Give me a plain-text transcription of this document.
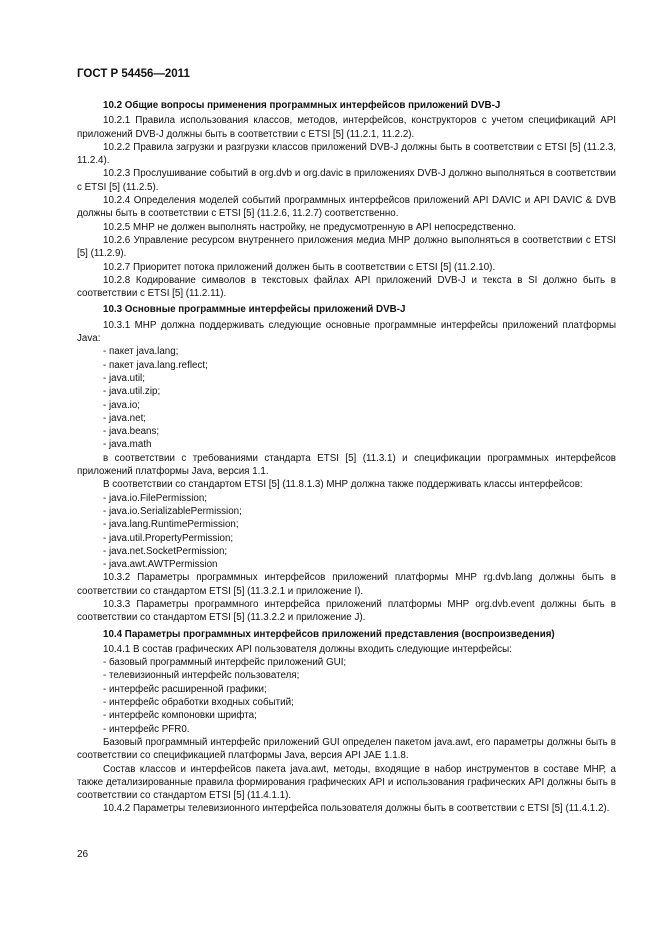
ГОСТ Р 54456—2011

10.2 Общие вопросы применения программных интерфейсов приложений DVB-J

10.2.1 Правила использования классов, методов, интерфейсов, конструкторов с учетом спецификаций API приложений DVB-J должны быть в соответствии с ETSI [5] (11.2.1, 11.2.2).

10.2.2 Правила загрузки и разгрузки классов приложений DVB-J должны быть в соответствии с ETSI [5] (11.2.3, 11.2.4).

10.2.3 Прослушивание событий в org.dvb и org.davic в приложениях DVB-J должно выполняться в соответствии с ETSI [5] (11.2.5).

10.2.4 Определения моделей событий программных интерфейсов приложений API DAVIC и API DAVIC & DVB должны быть в соответствии с ETSI [5] (11.2.6, 11.2.7) соответственно.

10.2.5 МНР не должен выполнять настройку, не предусмотренную в API непосредственно.

10.2.6 Управление ресурсом внутреннего приложения медиа МНР должно выполняться в соответствии с ETSI [5] (11.2.9).

10.2.7 Приоритет потока приложений должен быть в соответствии с ETSI [5] (11.2.10).

10.2.8 Кодирование символов в текстовых файлах API приложений DVB-J и текста в SI должно быть в соответствии с ETSI [5] (11.2.11).

10.3 Основные программные интерфейсы приложений DVB-J

10.3.1 МНР должна поддерживать следующие основные программные интерфейсы приложений платформы Java:

- пакет java.lang;

- пакет java.lang.reflect;

- java.util;

- java.util.zip;

- java.io;

- java.net;

- java.beans;

- java.math

в соответствии с требованиями стандарта ETSI [5] (11.3.1) и спецификации программных интерфейсов приложений платформы Java, версия 1.1.

В соответствии со стандартом ETSI [5] (11.8.1.3) МНР должна также поддерживать классы интерфейсов:

- java.io.FilePermission;

- java.io.SerializablePermission;

- java.lang.RuntimePermission;

- java.util.PropertyPermission;

- java.net.SocketPermission;

- java.awt.AWTPermission

10.3.2 Параметры программных интерфейсов приложений платформы МНР rg.dvb.lang должны быть в соответствии со стандартом ETSI [5] (11.3.2.1 и приложение I).

10.3.3 Параметры программного интерфейса приложений платформы МНР org.dvb.event должны быть в соответствии со стандартом ETSI [5] (11.3.2.2 и приложение J).

10.4 Параметры программных интерфейсов приложений представления (воспроизведения)

10.4.1 В состав графических API пользователя должны входить следующие интерфейсы:

- базовый программный интерфейс приложений GUI;

- телевизионный интерфейс пользователя;

- интерфейс расширенной графики;

- интерфейс обработки входных событий;

- интерфейс компоновки шрифта;

- интерфейс PFR0.

Базовый программный интерфейс приложений GUI определен пакетом java.awt, его параметры должны быть в соответствии со спецификацией платформы Java, версия API JAE 1.1.8.

Состав классов и интерфейсов пакета java.awt, методы, входящие в набор инструментов в составе МНР, а также детализированные правила формирования графических API и использования графических API должны быть в соответствии со стандартом ETSI [5] (11.4.1.1).

10.4.2 Параметры телевизионного интерфейса пользователя должны быть в соответствии с ETSI [5] (11.4.1.2).

26
